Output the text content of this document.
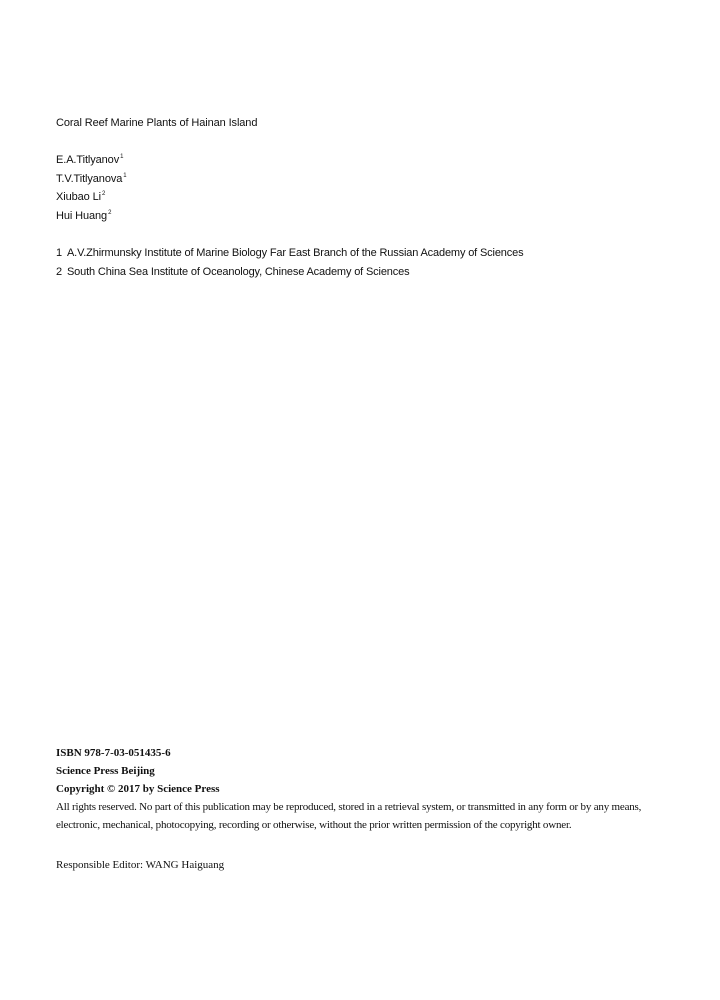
Coral Reef Marine Plants of Hainan Island
E.A.Titlyanov$^1$
T.V.Titlyanova$^1$
Xiubao Li$^2$
Hui Huang$^2$
1 A.V.Zhirmunsky Institute of Marine Biology Far East Branch of the Russian Academy of Sciences
2 South China Sea Institute of Oceanology, Chinese Academy of Sciences
ISBN 978-7-03-051435-6
Science Press Beijing
Copyright © 2017 by Science Press
All rights reserved. No part of this publication may be reproduced, stored in a retrieval system, or transmitted in any form or by any means, electronic, mechanical, photocopying, recording or otherwise, without the prior written permission of the copyright owner.
Responsible Editor: WANG Haiguang
